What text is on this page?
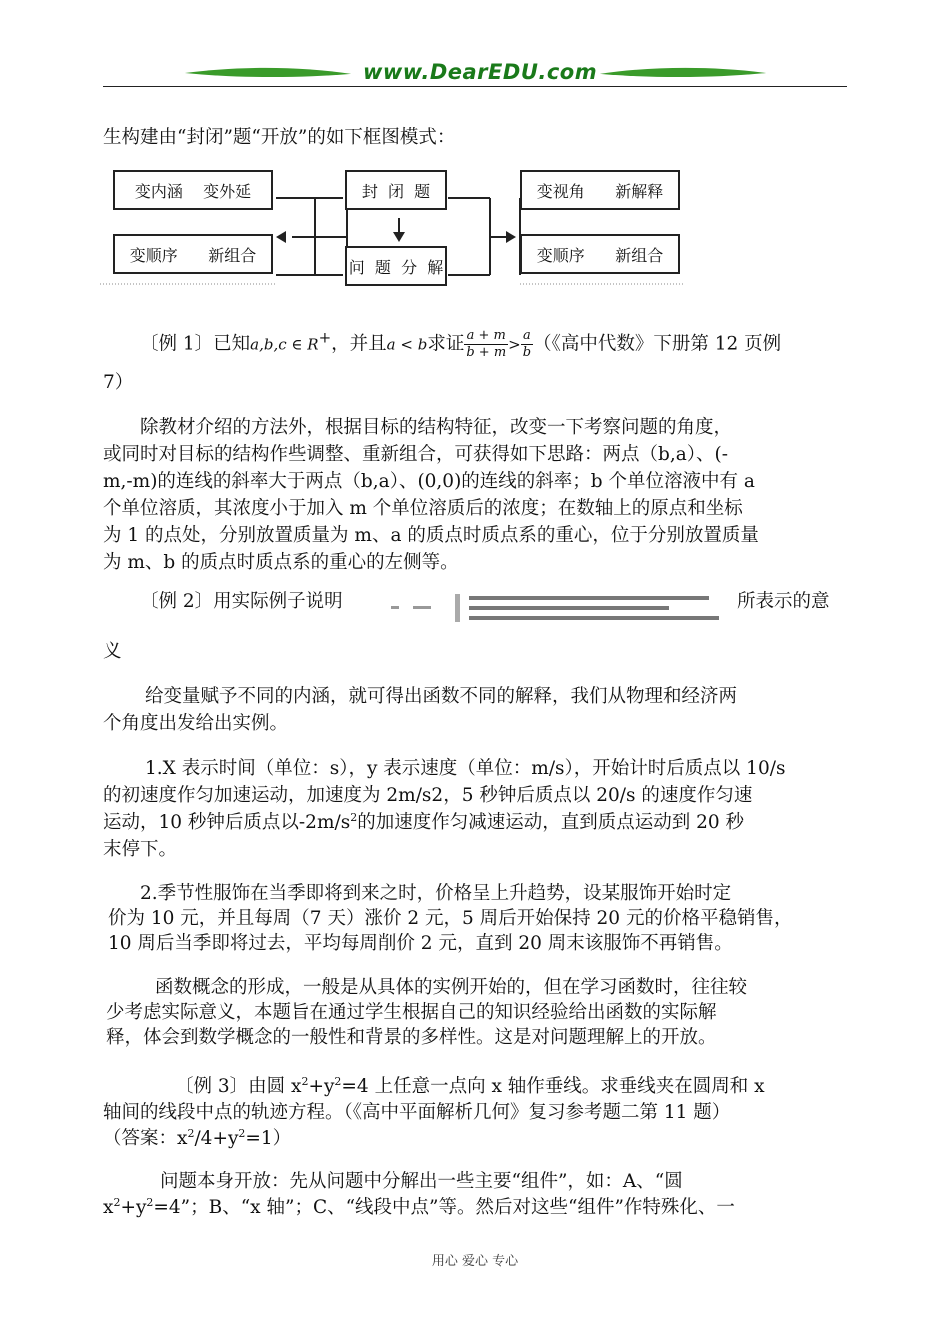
www.DearEDU.com
生构建由“封闭”题“开放”的如下框图模式：
变内涵    变外延
变顺序      新组合
封  闭  题
问  题  分  解
变视角      新解释
变顺序      新组合
〔例 1〕已知a,b,c ∈ R+，并且a < b求证 $\frac{a + m}{b + m} > \frac{a}{b}$ （《高中代数》下册第 12 页例
7）
除教材介绍的方法外，根据目标的结构特征，改变一下考察问题的角度，
或同时对目标的结构作些调整、重新组合，可获得如下思路：两点（b,a）、(-
m,-m)的连线的斜率大于两点（b,a）、(0,0)的连线的斜率；b 个单位溶液中有 a
个单位溶质，其浓度小于加入 m 个单位溶质后的浓度；在数轴上的原点和坐标
为 1 的点处，分别放置质量为 m、a 的质点时质点系的重心，位于分别放置质量
为 m、b 的质点时质点系的重心的左侧等。
〔例 2〕用实际例子说明	所表示的意
义
给变量赋予不同的内涵，就可得出函数不同的解释，我们从物理和经济两
个角度出发给出实例。
1.X 表示时间（单位：s），y 表示速度（单位：m/s），开始计时后质点以 10/s
的初速度作匀加速运动，加速度为 2m/s2，5 秒钟后质点以 20/s 的速度作匀速
运动，10 秒钟后质点以$-2m/s^2$的加速度作匀减速运动，直到质点运动到 20 秒
末停下。
2.季节性服饰在当季即将到来之时，价格呈上升趋势，设某服饰开始时定
价为 10 元，并且每周（7 天）涨价 2 元，5 周后开始保持 20 元的价格平稳销售，
10 周后当季即将过去，平均每周削价 2 元，直到 20 周末该服饰不再销售。
函数概念的形成，一般是从具体的实例开始的，但在学习函数时，往往较
少考虑实际意义，本题旨在通过学生根据自己的知识经验给出函数的实际解
释，体会到数学概念的一般性和背景的多样性。这是对问题理解上的开放。
〔例 3〕由圆 $x^2+y^2=4$ 上任意一点向 x 轴作垂线。求垂线夹在圆周和 x
轴间的线段中点的轨迹方程。（《高中平面解析几何》复习参考题二第 11 题）
（答案：$x^2/4+y^2=1$）
问题本身开放：先从问题中分解出一些主要“组件”，如：A、“圆
$x^2+y^2=4$”；B、“x 轴”；C、“线段中点”等。然后对这些“组件”作特殊化、一
用心 爱心 专心
